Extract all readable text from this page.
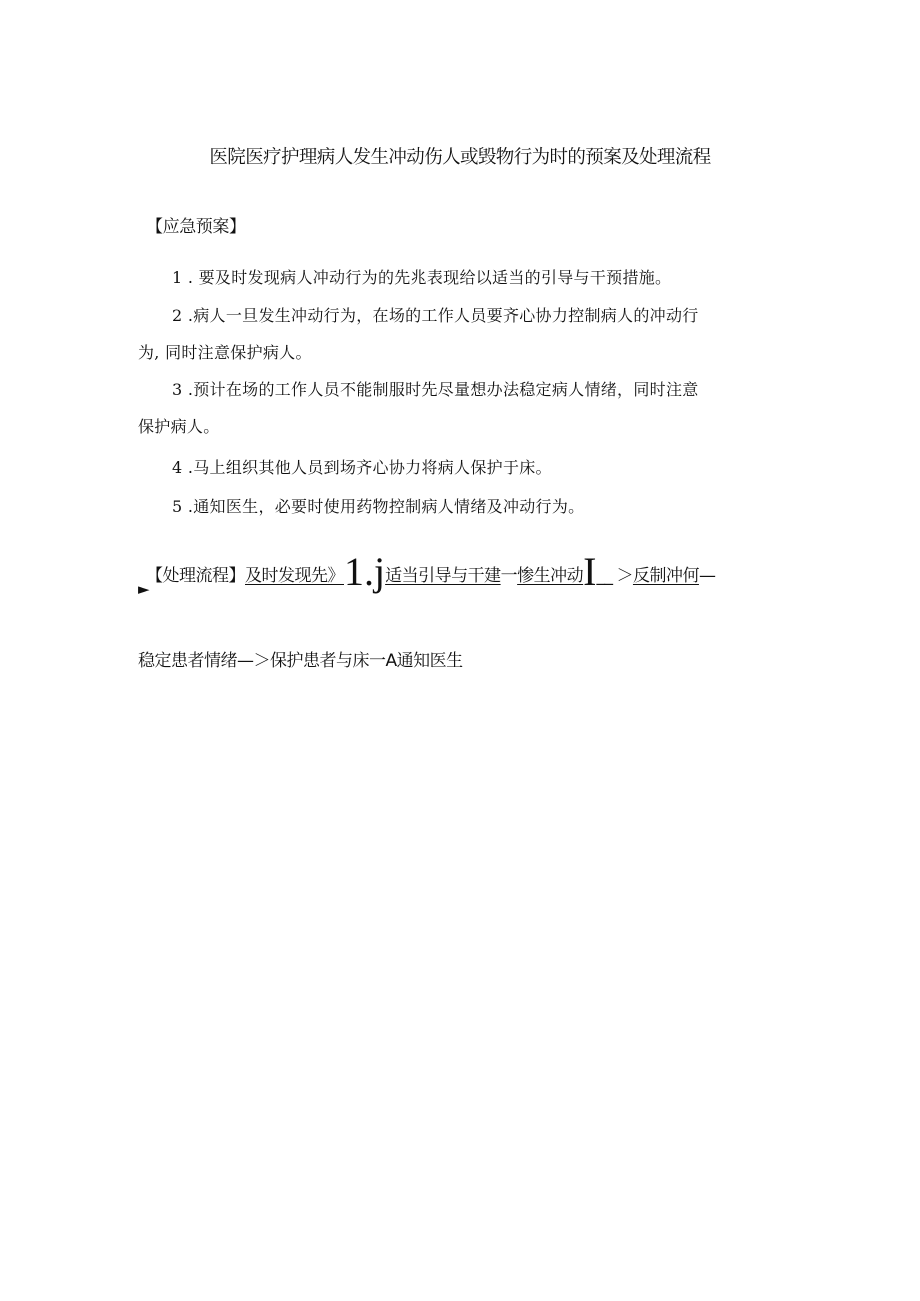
医院医疗护理病人发生冲动伤人或毁物行为时的预案及处理流程
【应急预案】
1 . 要及时发现病人冲动行为的先兆表现给以适当的引导与干预措施。
2 .病人一旦发生冲动行为，在场的工作人员要齐心协力控制病人的冲动行
为, 同时注意保护病人。
3 .预计在场的工作人员不能制服时先尽量想办法稳定病人情绪，同时注意
保护病人。
4 .马上组织其他人员到场齐心协力将病人保护于床。
5 .通知医生，必要时使用药物控制病人情绪及冲动行为。
【处理流程】及时发现先》1.j适当引导与干建一惨生冲动I__ ＞反制冲何—
►
稳定患者情绪—＞保护患者与床一A通知医生
